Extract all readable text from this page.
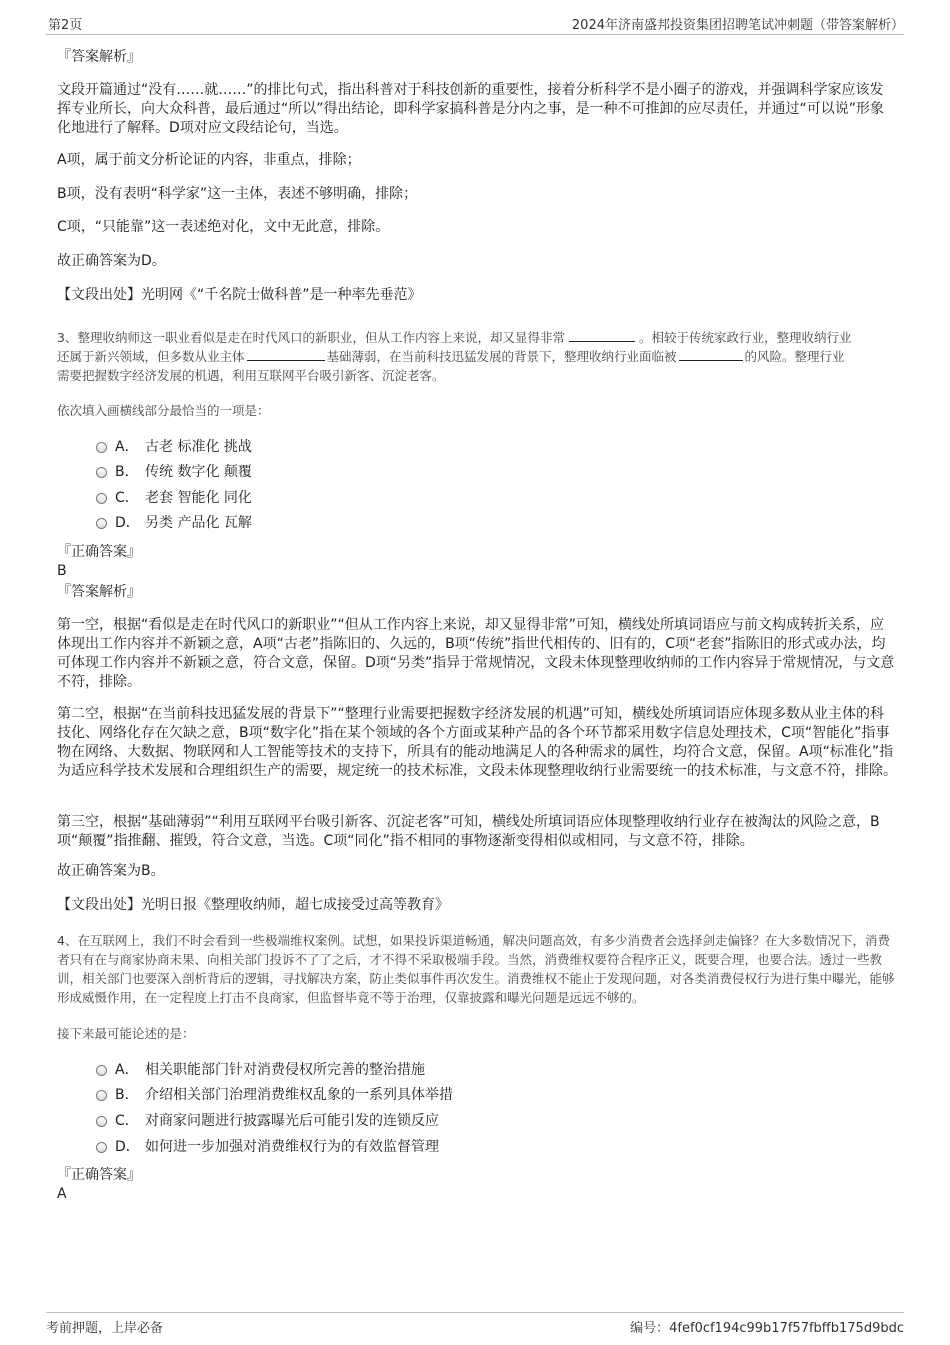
第2页	2024年济南盛邦投资集团招聘笔试冲刺题（带答案解析）

『答案解析』

文段开篇通过“没有……就……”的排比句式，指出科普对于科技创新的重要性，接着分析科学不是小圈子的游戏，并强调科学家应该发挥专业所长，向大众科普，最后通过“所以”得出结论，即科学家搞科普是分内之事，是一种不可推卸的应尽责任，并通过“可以说”形象化地进行了解释。D项对应文段结论句，当选。

A项，属于前文分析论证的内容，非重点，排除；

B项，没有表明“科学家”这一主体，表述不够明确，排除；

C项，“只能靠”这一表述绝对化，文中无此意，排除。

故正确答案为D。

【文段出处】光明网《“千名院士做科普”是一种率先垂范》

3、整理收纳师这一职业看似是走在时代风口的新职业，但从工作内容上来说，却又显得非常	。相较于传统家政行业，整理收纳行业
还属于新兴领域，但多数从业主体	基础薄弱，在当前科技迅猛发展的背景下，整理收纳行业面临被	的风险。整理行业
需要把握数字经济发展的机遇，利用互联网平台吸引新客、沉淀老客。

依次填入画横线部分最恰当的一项是：

A． 古老 标准化 挑战
B． 传统 数字化 颠覆
C． 老套 智能化 同化
D． 另类 产品化 瓦解

『正确答案』

B

『答案解析』

第一空，根据“看似是走在时代风口的新职业”“但从工作内容上来说，却又显得非常”可知，横线处所填词语应与前文构成转折关系，应体现出工作内容并不新颖之意，A项“古老”指陈旧的、久远的，B项“传统”指世代相传的、旧有的，C项“老套”指陈旧的形式或办法，均可体现工作内容并不新颖之意，符合文意，保留。D项“另类”指异于常规情况，文段未体现整理收纳师的工作内容异于常规情况，与文意不符，排除。

第二空，根据“在当前科技迅猛发展的背景下”“整理行业需要把握数字经济发展的机遇”可知，横线处所填词语应体现多数从业主体的科技化、网络化存在欠缺之意，B项“数字化”指在某个领域的各个方面或某种产品的各个环节都采用数字信息处理技术，C项“智能化”指事物在网络、大数据、物联网和人工智能等技术的支持下，所具有的能动地满足人的各种需求的属性，均符合文意，保留。A项“标准化”指为适应科学技术发展和合理组织生产的需要，规定统一的技术标准，文段未体现整理收纳行业需要统一的技术标准，与文意不符，排除。

第三空，根据“基础薄弱”“利用互联网平台吸引新客、沉淀老客”可知，横线处所填词语应体现整理收纳行业存在被淘汰的风险之意，B项“颠覆”指推翻、摧毁，符合文意，当选。C项“同化”指不相同的事物逐渐变得相似或相同，与文意不符，排除。

故正确答案为B。

【文段出处】光明日报《整理收纳师，超七成接受过高等教育》

4、在互联网上，我们不时会看到一些极端维权案例。试想，如果投诉渠道畅通，解决问题高效，有多少消费者会选择剑走偏锋？在大多数情况下，消费者只有在与商家协商未果、向相关部门投诉不了了之后，才不得不采取极端手段。当然，消费维权要符合程序正义，既要合理，也要合法。透过一些教训，相关部门也要深入剖析背后的逻辑，寻找解决方案，防止类似事件再次发生。消费维权不能止于发现问题，对各类消费侵权行为进行集中曝光，能够形成威慑作用，在一定程度上打击不良商家，但监督毕竟不等于治理，仅靠披露和曝光问题是远远不够的。

接下来最可能论述的是：

A． 相关职能部门针对消费侵权所完善的整治措施
B． 介绍相关部门治理消费维权乱象的一系列具体举措
C． 对商家问题进行披露曝光后可能引发的连锁反应
D． 如何进一步加强对消费维权行为的有效监督管理

『正确答案』

A

考前押题，上岸必备	编号：4fef0cf194c99b17f57fbffb175d9bdc
